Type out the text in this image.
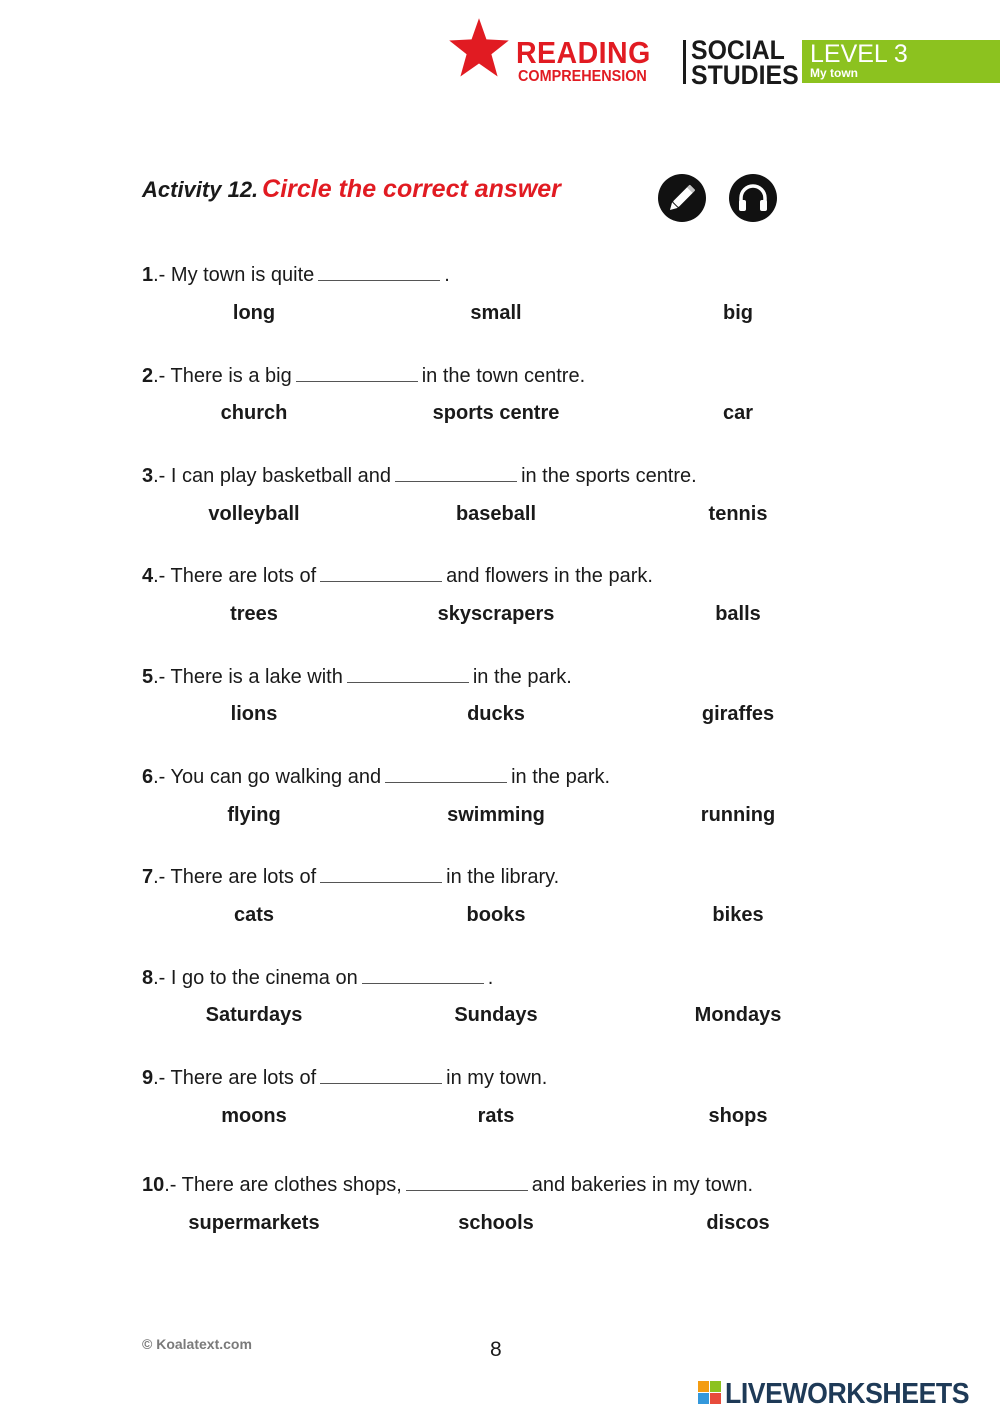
READING
COMPREHENSION
SOCIAL
STUDIES
LEVEL 3
My town
Activity 12. Circle the correct answer
1.- My town is quite	.
long	small	big
2.- There is a big	in the town centre.
church	sports centre	car
3.- I can play basketball and	in the sports centre.
volleyball	baseball	tennis
4.- There are lots of	and flowers in the park.
trees	skyscrapers	balls
5.- There is a lake with	in the park.
lions	ducks	giraffes
6.- You can go walking and	in the park.
flying	swimming	running
7.- There are lots of	in the library.
cats	books	bikes
8.- I go to the cinema on	.
Saturdays	Sundays	Mondays
9.- There are lots of	in my town.
moons	rats	shops
10.- There are clothes shops,	and bakeries in my town.
supermarkets	schools	discos
© Koalatext.com	8
LIVEWORKSHEETS
